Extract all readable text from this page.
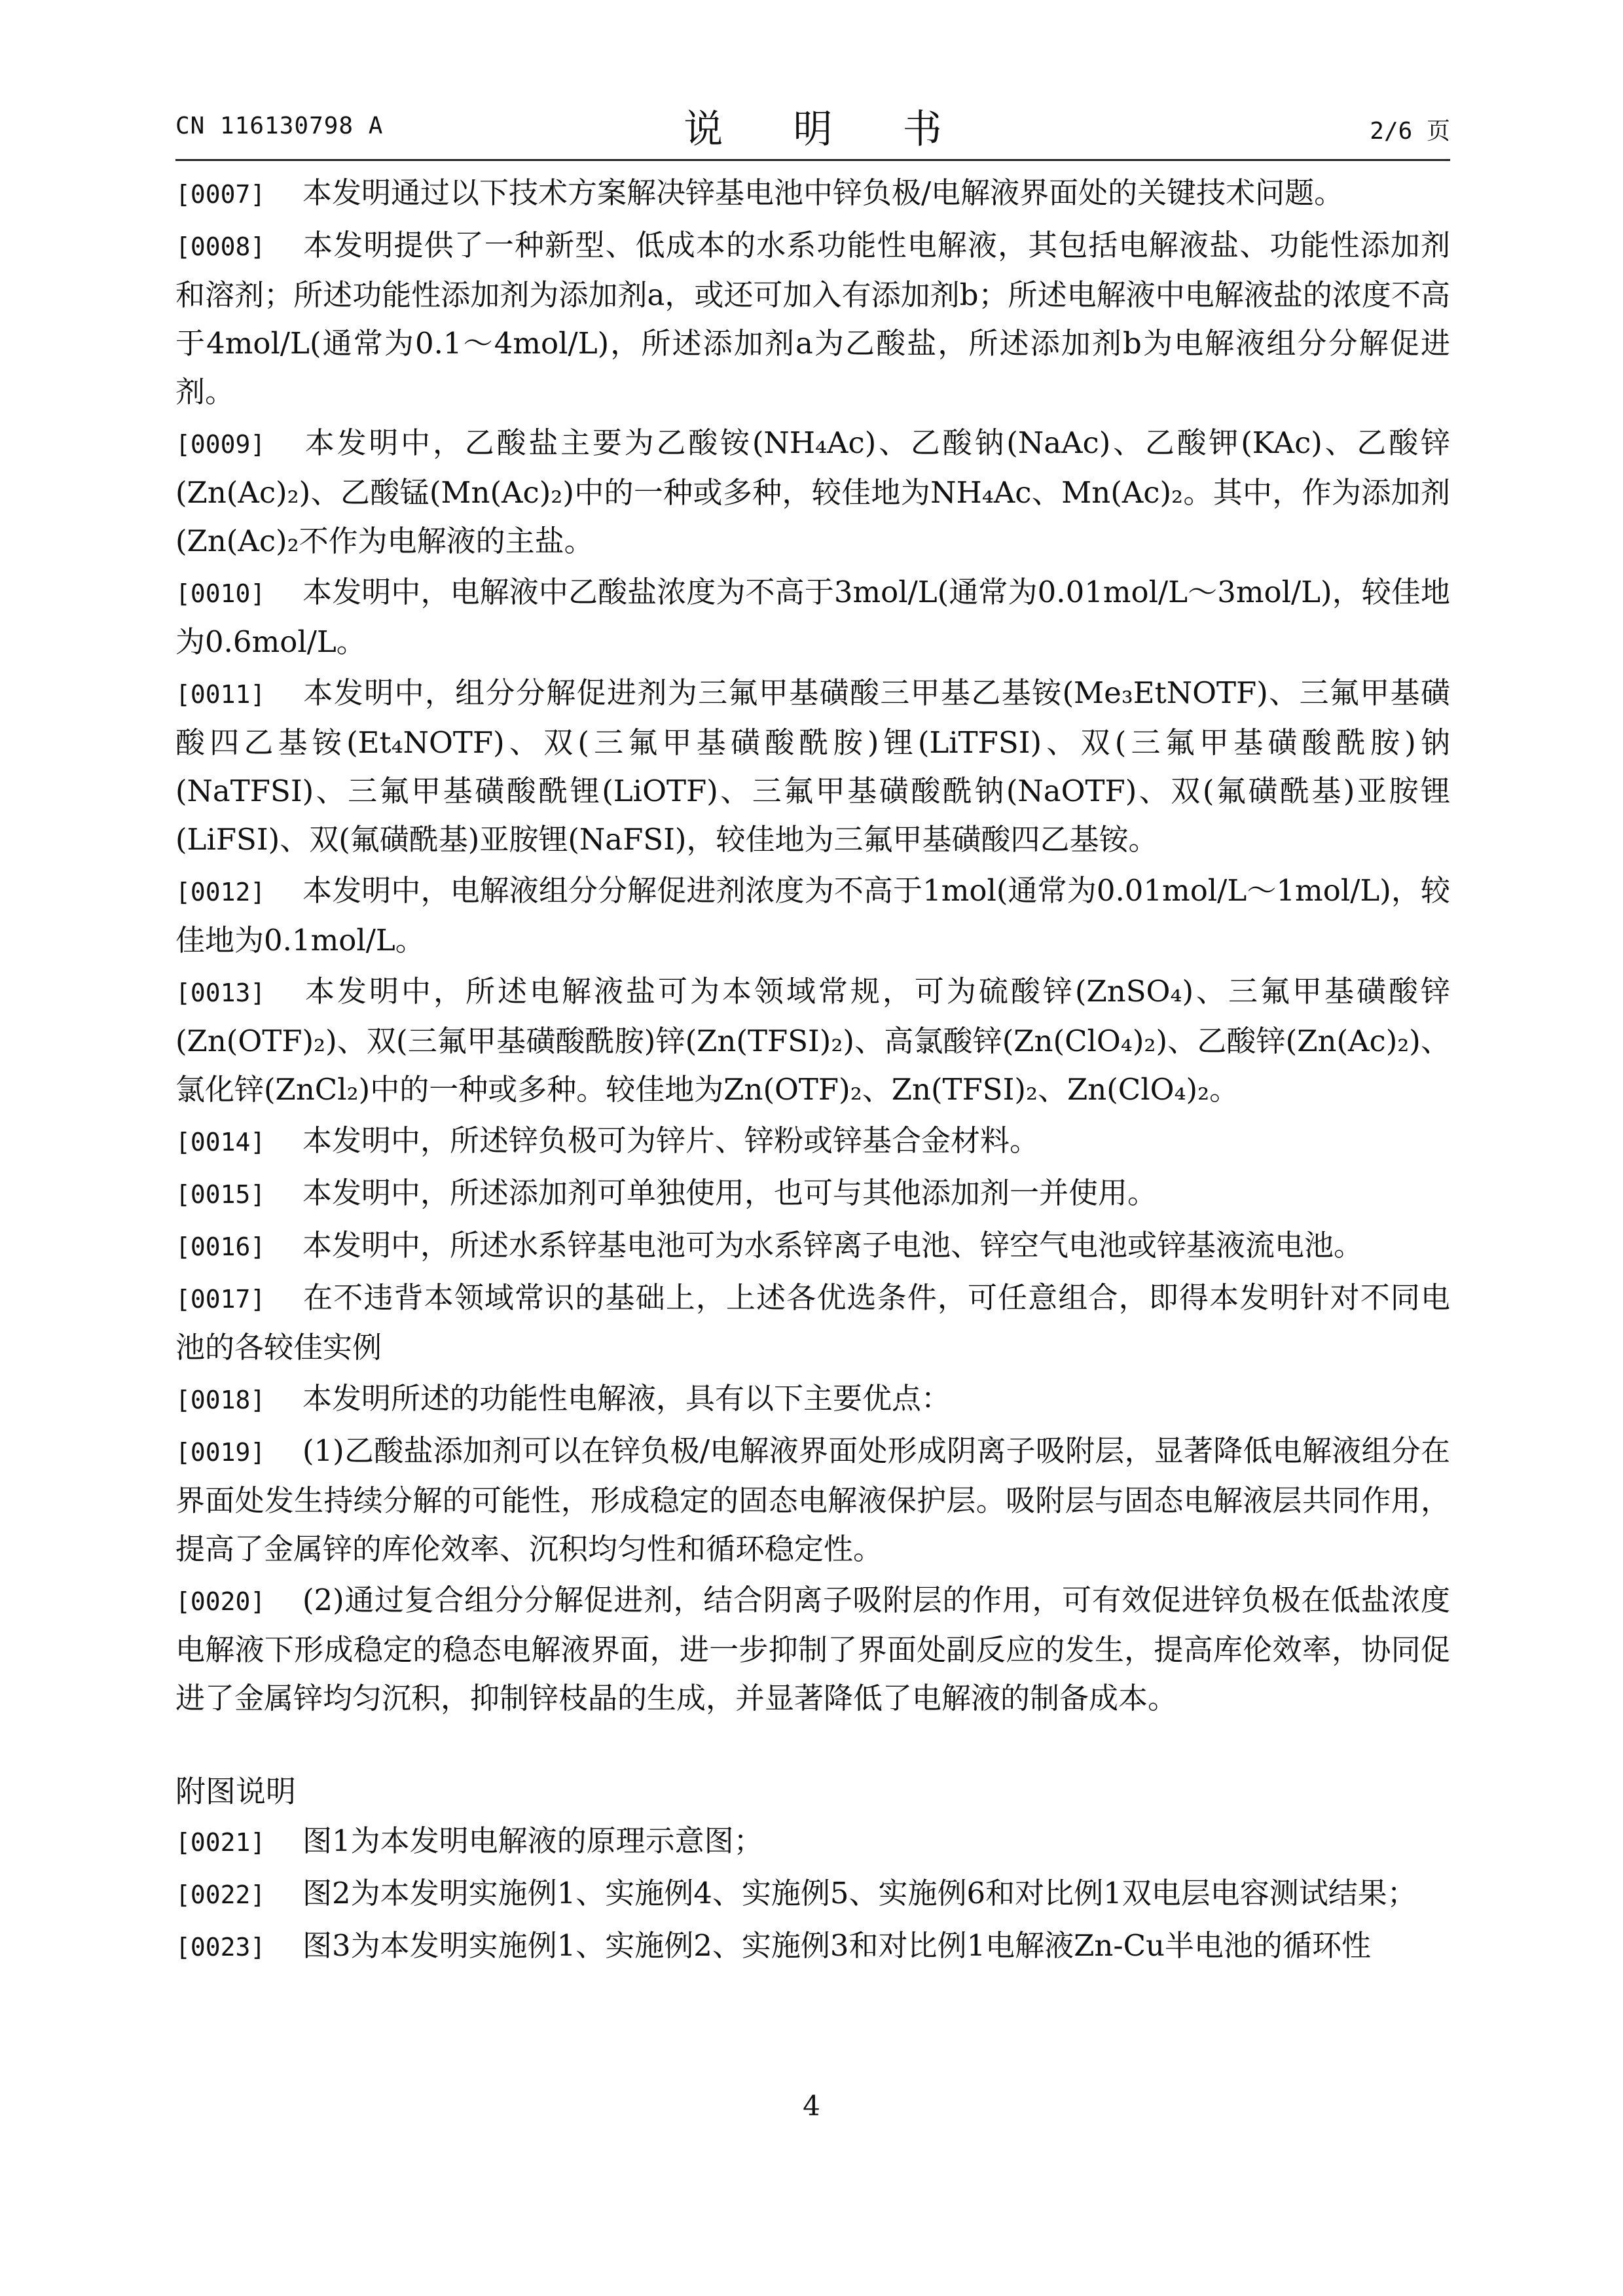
CN 116130798 A	说 明 书	2/6 页
[0007] 本发明通过以下技术方案解决锌基电池中锌负极/电解液界面处的关键技术问题。
[0008] 本发明提供了一种新型、低成本的水系功能性电解液，其包括电解液盐、功能性添加剂和溶剂；所述功能性添加剂为添加剂a，或还可加入有添加剂b；所述电解液中电解液盐的浓度不高于4mol/L(通常为0.1～4mol/L)，所述添加剂a为乙酸盐，所述添加剂b为电解液组分分解促进剂。
[0009] 本发明中，乙酸盐主要为乙酸铵(NH₄Ac)、乙酸钠(NaAc)、乙酸钾(KAc)、乙酸锌(Zn(Ac)₂)、乙酸锰(Mn(Ac)₂)中的一种或多种，较佳地为NH₄Ac、Mn(Ac)₂。其中，作为添加剂(Zn(Ac)₂不作为电解液的主盐。
[0010] 本发明中，电解液中乙酸盐浓度为不高于3mol/L(通常为0.01mol/L～3mol/L)，较佳地为0.6mol/L。
[0011] 本发明中，组分分解促进剂为三氟甲基磺酸三甲基乙基铵(Me₃EtNOTF)、三氟甲基磺酸四乙基铵(Et₄NOTF)、双(三氟甲基磺酸酰胺)锂(LiTFSI)、双(三氟甲基磺酸酰胺)钠(NaTFSI)、三氟甲基磺酸酰锂(LiOTF)、三氟甲基磺酸酰钠(NaOTF)、双(氟磺酰基)亚胺锂(LiFSI)、双(氟磺酰基)亚胺锂(NaFSI)，较佳地为三氟甲基磺酸四乙基铵。
[0012] 本发明中，电解液组分分解促进剂浓度为不高于1mol(通常为0.01mol/L～1mol/L)，较佳地为0.1mol/L。
[0013] 本发明中，所述电解液盐可为本领域常规，可为硫酸锌(ZnSO₄)、三氟甲基磺酸锌(Zn(OTF)₂)、双(三氟甲基磺酸酰胺)锌(Zn(TFSI)₂)、高氯酸锌(Zn(ClO₄)₂)、乙酸锌(Zn(Ac)₂)、氯化锌(ZnCl₂)中的一种或多种。较佳地为Zn(OTF)₂、Zn(TFSI)₂、Zn(ClO₄)₂。
[0014] 本发明中，所述锌负极可为锌片、锌粉或锌基合金材料。
[0015] 本发明中，所述添加剂可单独使用，也可与其他添加剂一并使用。
[0016] 本发明中，所述水系锌基电池可为水系锌离子电池、锌空气电池或锌基液流电池。
[0017] 在不违背本领域常识的基础上，上述各优选条件，可任意组合，即得本发明针对不同电池的各较佳实例
[0018] 本发明所述的功能性电解液，具有以下主要优点：
[0019] (1)乙酸盐添加剂可以在锌负极/电解液界面处形成阴离子吸附层，显著降低电解液组分在界面处发生持续分解的可能性，形成稳定的固态电解液保护层。吸附层与固态电解液层共同作用，提高了金属锌的库伦效率、沉积均匀性和循环稳定性。
[0020] (2)通过复合组分分解促进剂，结合阴离子吸附层的作用，可有效促进锌负极在低盐浓度电解液下形成稳定的稳态电解液界面，进一步抑制了界面处副反应的发生，提高库伦效率，协同促进了金属锌均匀沉积，抑制锌枝晶的生成，并显著降低了电解液的制备成本。
附图说明
[0021] 图1为本发明电解液的原理示意图；
[0022] 图2为本发明实施例1、实施例4、实施例5、实施例6和对比例1双电层电容测试结果；
[0023] 图3为本发明实施例1、实施例2、实施例3和对比例1电解液Zn-Cu半电池的循环性
4
